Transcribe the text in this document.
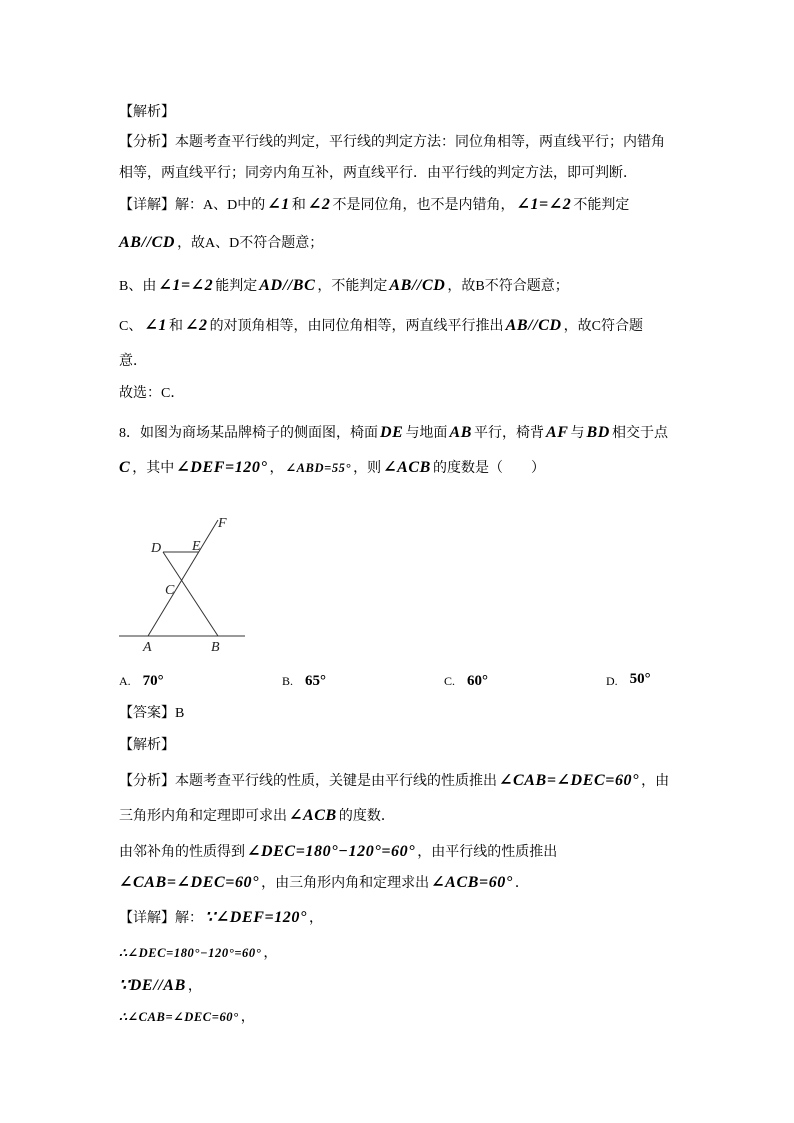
【解析】
【分析】本题考查平行线的判定，平行线的判定方法：同位角相等，两直线平行；内错角
相等，两直线平行；同旁内角互补，两直线平行．由平行线的判定方法，即可判断．
【详解】解：A、D中的 ∠1 和 ∠2 不是同位角，也不是内错角， ∠1=∠2 不能判定
AB//CD ，故A、D不符合题意；
B、由 ∠1=∠2 能判定 AD//BC ，不能判定 AB//CD ，故B不符合题意；
C、 ∠1 和 ∠2 的对顶角相等，由同位角相等，两直线平行推出 AB//CD ，故C符合题
意．
故选：C．
8．如图为商场某品牌椅子的侧面图，椅面 DE 与地面 AB 平行，椅背 AF 与 BD 相交于点
C ，其中 ∠DEF=120° ， ∠ABD=55° ，则 ∠ACB 的度数是（　　）
D E
F
C
A	B
A. 70°	B. 65°	C. 60°	D. 50°
【答案】B
【解析】
【分析】本题考查平行线的性质，关键是由平行线的性质推出 ∠CAB=∠DEC=60° ，由
三角形内角和定理即可求出 ∠ACB 的度数．
由邻补角的性质得到 ∠DEC=180°−120°=60° ，由平行线的性质推出
∠CAB=∠DEC=60° ，由三角形内角和定理求出 ∠ACB=60° ．
【详解】解： ∵∠DEF=120° ，
∴∠DEC=180°−120°=60° ，
∵DE//AB ，
∴∠CAB=∠DEC=60° ，
